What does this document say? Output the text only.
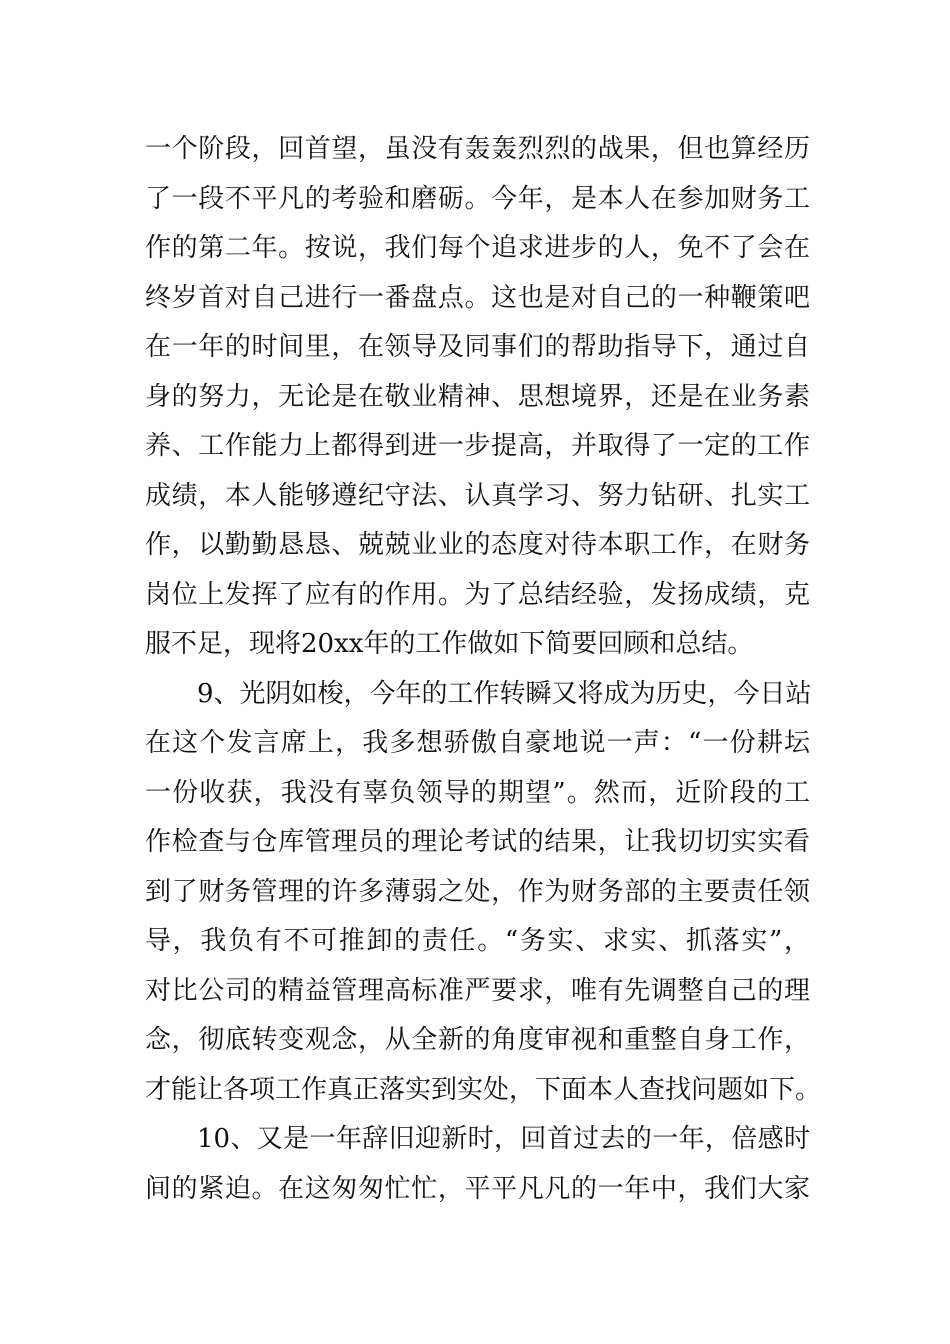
一个阶段，回首望，虽没有轰轰烈烈的战果，但也算经历
了一段不平凡的考验和磨砺。今年，是本人在参加财务工
作的第二年。按说，我们每个追求进步的人，免不了会在
终岁首对自己进行一番盘点。这也是对自己的一种鞭策吧
在一年的时间里，在领导及同事们的帮助指导下，通过自
身的努力，无论是在敬业精神、思想境界，还是在业务素
养、工作能力上都得到进一步提高，并取得了一定的工作
成绩，本人能够遵纪守法、认真学习、努力钻研、扎实工
作，以勤勤恳恳、兢兢业业的态度对待本职工作，在财务
岗位上发挥了应有的作用。为了总结经验，发扬成绩，克
服不足，现将20xx年的工作做如下简要回顾和总结。
9、光阴如梭，今年的工作转瞬又将成为历史，今日站
在这个发言席上，我多想骄傲自豪地说一声：“一份耕坛
一份收获，我没有辜负领导的期望”。然而，近阶段的工
作检查与仓库管理员的理论考试的结果，让我切切实实看
到了财务管理的许多薄弱之处，作为财务部的主要责任领
导，我负有不可推卸的责任。“务实、求实、抓落实”，
对比公司的精益管理高标准严要求，唯有先调整自己的理
念，彻底转变观念，从全新的角度审视和重整自身工作，
才能让各项工作真正落实到实处，下面本人查找问题如下。
10、又是一年辞旧迎新时，回首过去的一年，倍感时
间的紧迫。在这匆匆忙忙，平平凡凡的一年中，我们大家
